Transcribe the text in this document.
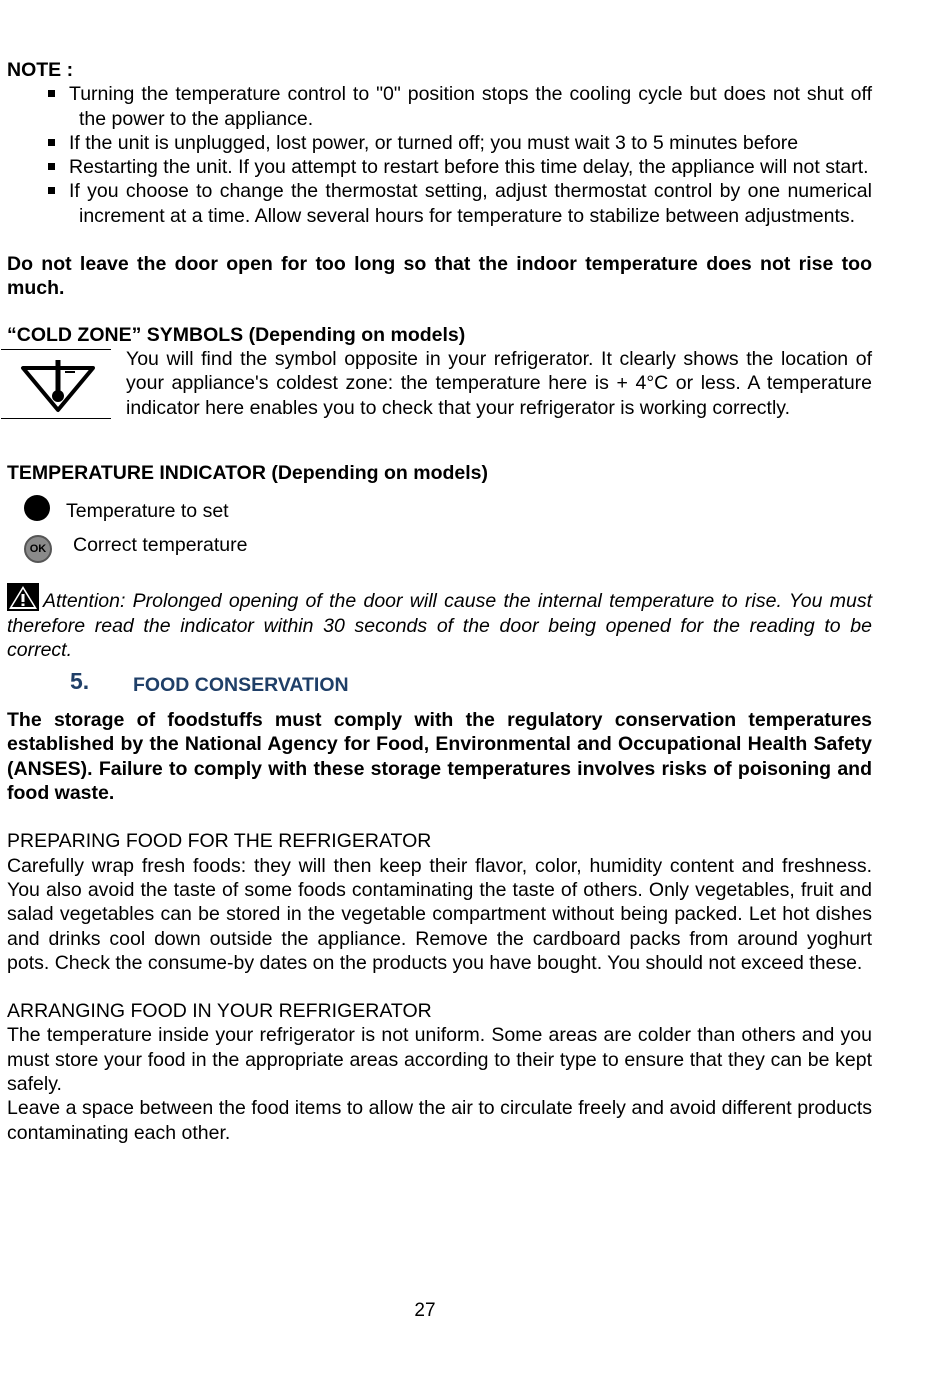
NOTE :
Turning the temperature control to "0" position stops the cooling cycle but does not shut off the power to the appliance.
If the unit is unplugged, lost power, or turned off; you must wait 3 to 5 minutes before
Restarting the unit. If you attempt to restart before this time delay, the appliance will not start.
If you choose to change the thermostat setting, adjust thermostat control by one numerical increment at a time. Allow several hours for temperature to stabilize between adjustments.
Do not leave the door open for too long so that the indoor temperature does not rise too much.
“COLD ZONE” SYMBOLS (Depending on models)
You will find the symbol opposite in your refrigerator. It clearly shows the location of your appliance's coldest zone: the temperature here is + 4°C or less. A temperature indicator here enables you to check that your refrigerator is working correctly.
TEMPERATURE INDICATOR (Depending on models)
Temperature to set
OK Correct temperature
Attention: Prolonged opening of the door will cause the internal temperature to rise. You must therefore read the indicator within 30 seconds of the door being opened for the reading to be correct.
5. FOOD CONSERVATION
The storage of foodstuffs must comply with the regulatory conservation temperatures established by the National Agency for Food, Environmental and Occupational Health Safety (ANSES). Failure to comply with these storage temperatures involves risks of poisoning and food waste.
PREPARING FOOD FOR THE REFRIGERATOR
Carefully wrap fresh foods: they will then keep their flavor, color, humidity content and freshness. You also avoid the taste of some foods contaminating the taste of others. Only vegetables, fruit and salad vegetables can be stored in the vegetable compartment without being packed. Let hot dishes and drinks cool down outside the appliance. Remove the cardboard packs from around yoghurt pots. Check the consume-by dates on the products you have bought. You should not exceed these.
ARRANGING FOOD IN YOUR REFRIGERATOR
The temperature inside your refrigerator is not uniform. Some areas are colder than others and you must store your food in the appropriate areas according to their type to ensure that they can be kept safely.
Leave a space between the food items to allow the air to circulate freely and avoid different products contaminating each other.
27
